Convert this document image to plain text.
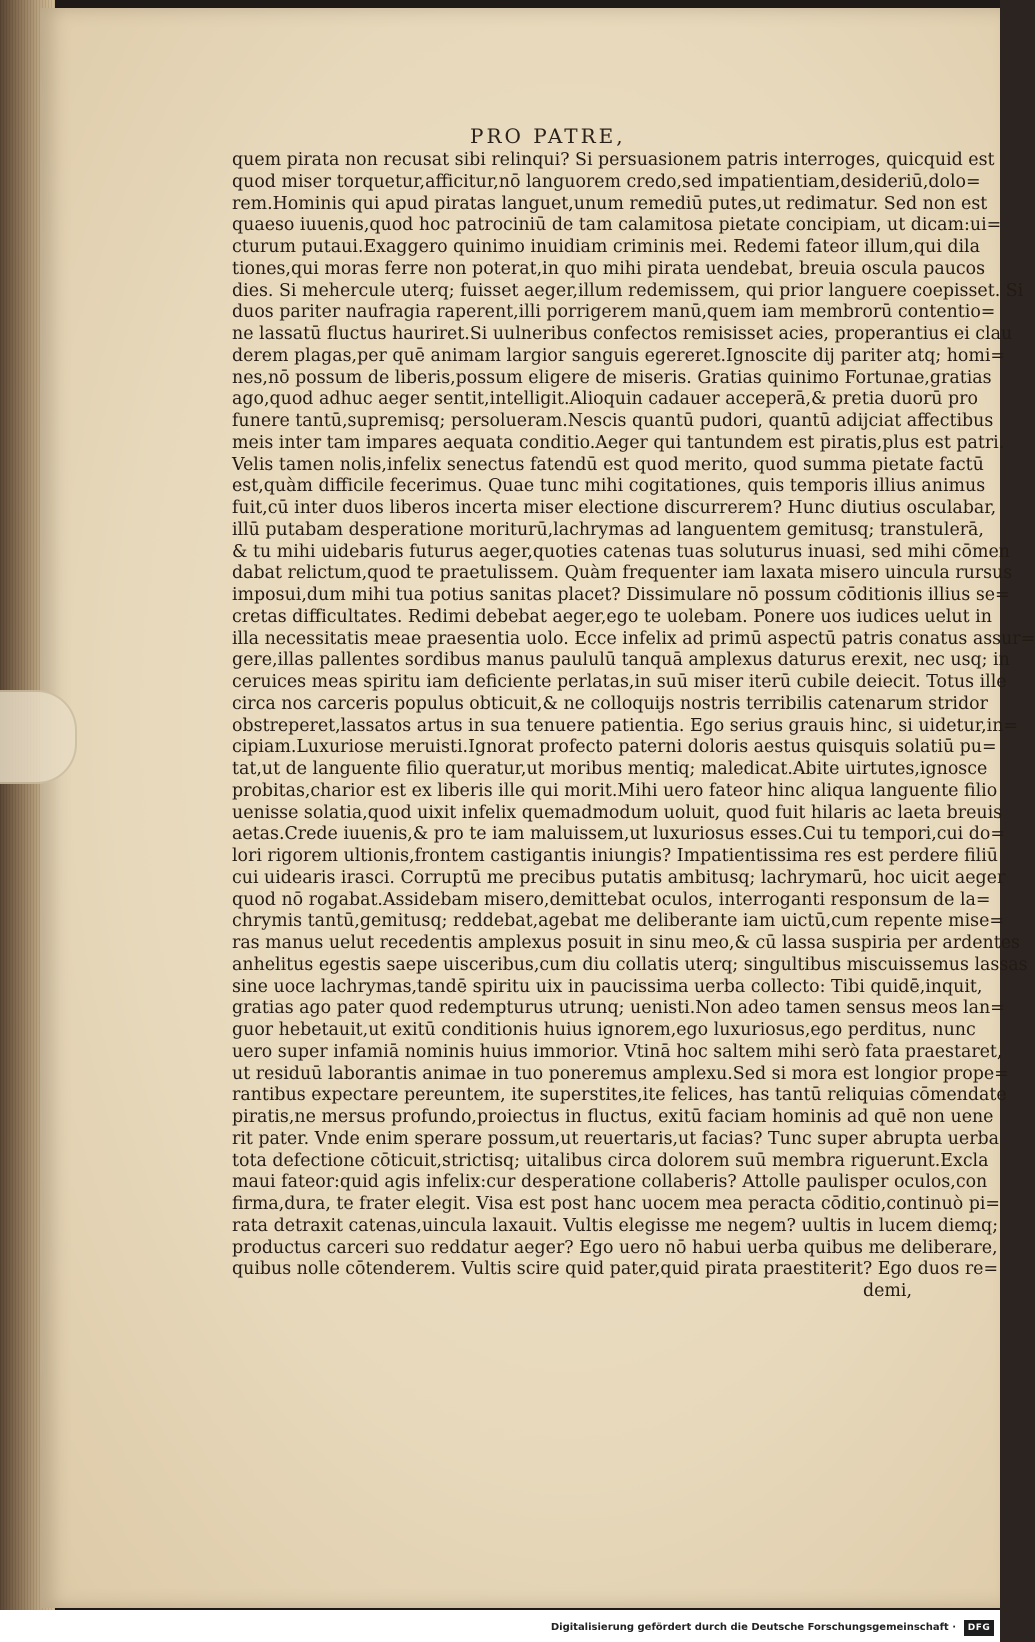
PRO PATRE,
quem pirata non recusat sibi relinqui? Si persuasionem patris interroges, quicquid est
quod miser torquetur,afficitur,nō languorem credo,sed impatientiam,desideriū,dolo=
rem.Hominis qui apud piratas languet,unum remediū putes,ut redimatur. Sed non est
quaeso iuuenis,quod hoc patrociniū de tam calamitosa pietate concipiam, ut dicam:ui=
cturum putaui.Exaggero quinimo inuidiam criminis mei. Redemi fateor illum,qui dila
tiones,qui moras ferre non poterat,in quo mihi pirata uendebat, breuia oscula paucos
dies. Si mehercule uterq; fuisset aeger,illum redemissem, qui prior languere coepisset. Si
duos pariter naufragia raperent,illi porrigerem manū,quem iam membrorū contentio=
ne lassatū fluctus hauriret.Si uulneribus confectos remisisset acies, properantius ei clau
derem plagas,per quē animam largior sanguis egereret.Ignoscite dij pariter atq; homi=
nes,nō possum de liberis,possum eligere de miseris. Gratias quinimo Fortunae,gratias
ago,quod adhuc aeger sentit,intelligit.Alioquin cadauer acceperā,& pretia duorū pro
funere tantū,supremisq; persolueram.Nescis quantū pudori, quantū adijciat affectibus
meis inter tam impares aequata conditio.Aeger qui tantundem est piratis,plus est patri.
Velis tamen nolis,infelix senectus fatendū est quod merito, quod summa pietate factū
est,quàm difficile fecerimus. Quae tunc mihi cogitationes, quis temporis illius animus
fuit,cū inter duos liberos incerta miser electione discurrerem? Hunc diutius osculabar,
illū putabam desperatione moriturū,lachrymas ad languentem gemitusq; transtulerā,
& tu mihi uidebaris futurus aeger,quoties catenas tuas soluturus inuasi, sed mihi cōmen
dabat relictum,quod te praetulissem. Quàm frequenter iam laxata misero uincula rursus
imposui,dum mihi tua potius sanitas placet? Dissimulare nō possum cōditionis illius se=
cretas difficultates. Redimi debebat aeger,ego te uolebam. Ponere uos iudices uelut in
illa necessitatis meae praesentia uolo. Ecce infelix ad primū aspectū patris conatus assur=
gere,illas pallentes sordibus manus paululū tanquā amplexus daturus erexit, nec usq; in
ceruices meas spiritu iam deficiente perlatas,in suū miser iterū cubile deiecit. Totus ille
circa nos carceris populus obticuit,& ne colloquijs nostris terribilis catenarum stridor
obstreperet,lassatos artus in sua tenuere patientia. Ego serius grauis hinc, si uidetur,in=
cipiam.Luxuriose meruisti.Ignorat profecto paterni doloris aestus quisquis solatiū pu=
tat,ut de languente filio queratur,ut moribus mentiq; maledicat.Abite uirtutes,ignosce
probitas,charior est ex liberis ille qui morit.Mihi uero fateor hinc aliqua languente filio
uenisse solatia,quod uixit infelix quemadmodum uoluit, quod fuit hilaris ac laeta breuis
aetas.Crede iuuenis,& pro te iam maluissem,ut luxuriosus esses.Cui tu tempori,cui do=
lori rigorem ultionis,frontem castigantis iniungis? Impatientissima res est perdere filiū
cui uidearis irasci. Corruptū me precibus putatis ambitusq; lachrymarū, hoc uicit aeger
quod nō rogabat.Assidebam misero,demittebat oculos, interroganti responsum de la=
chrymis tantū,gemitusq; reddebat,agebat me deliberante iam uictū,cum repente mise=
ras manus uelut recedentis amplexus posuit in sinu meo,& cū lassa suspiria per ardentes
anhelitus egestis saepe uisceribus,cum diu collatis uterq; singultibus miscuissemus lassas
sine uoce lachrymas,tandē spiritu uix in paucissima uerba collecto: Tibi quidē,inquit,
gratias ago pater quod redempturus utrunq; uenisti.Non adeo tamen sensus meos lan=
guor hebetauit,ut exitū conditionis huius ignorem,ego luxuriosus,ego perditus, nunc
uero super infamiā nominis huius immorior. Vtinā hoc saltem mihi serò fata praestaret,
ut residuū laborantis animae in tuo poneremus amplexu.Sed si mora est longior prope=
rantibus expectare pereuntem, ite superstites,ite felices, has tantū reliquias cōmendate
piratis,ne mersus profundo,proiectus in fluctus, exitū faciam hominis ad quē non uene
rit pater. Vnde enim sperare possum,ut reuertaris,ut facias? Tunc super abrupta uerba
tota defectione cōticuit,strictisq; uitalibus circa dolorem suū membra riguerunt.Excla
maui fateor:quid agis infelix:cur desperatione collaberis? Attolle paulisper oculos,con
firma,dura, te frater elegit. Visa est post hanc uocem mea peracta cōditio,continuò pi=
rata detraxit catenas,uincula laxauit. Vultis elegisse me negem? uultis in lucem diemq;
productus carceri suo reddatur aeger? Ego uero nō habui uerba quibus me deliberare,
quibus nolle cōtenderem. Vultis scire quid pater,quid pirata praestiterit? Ego duos re=
demi,
Digitalisierung gefördert durch die Deutsche Forschungsgemeinschaft ·	DFG
